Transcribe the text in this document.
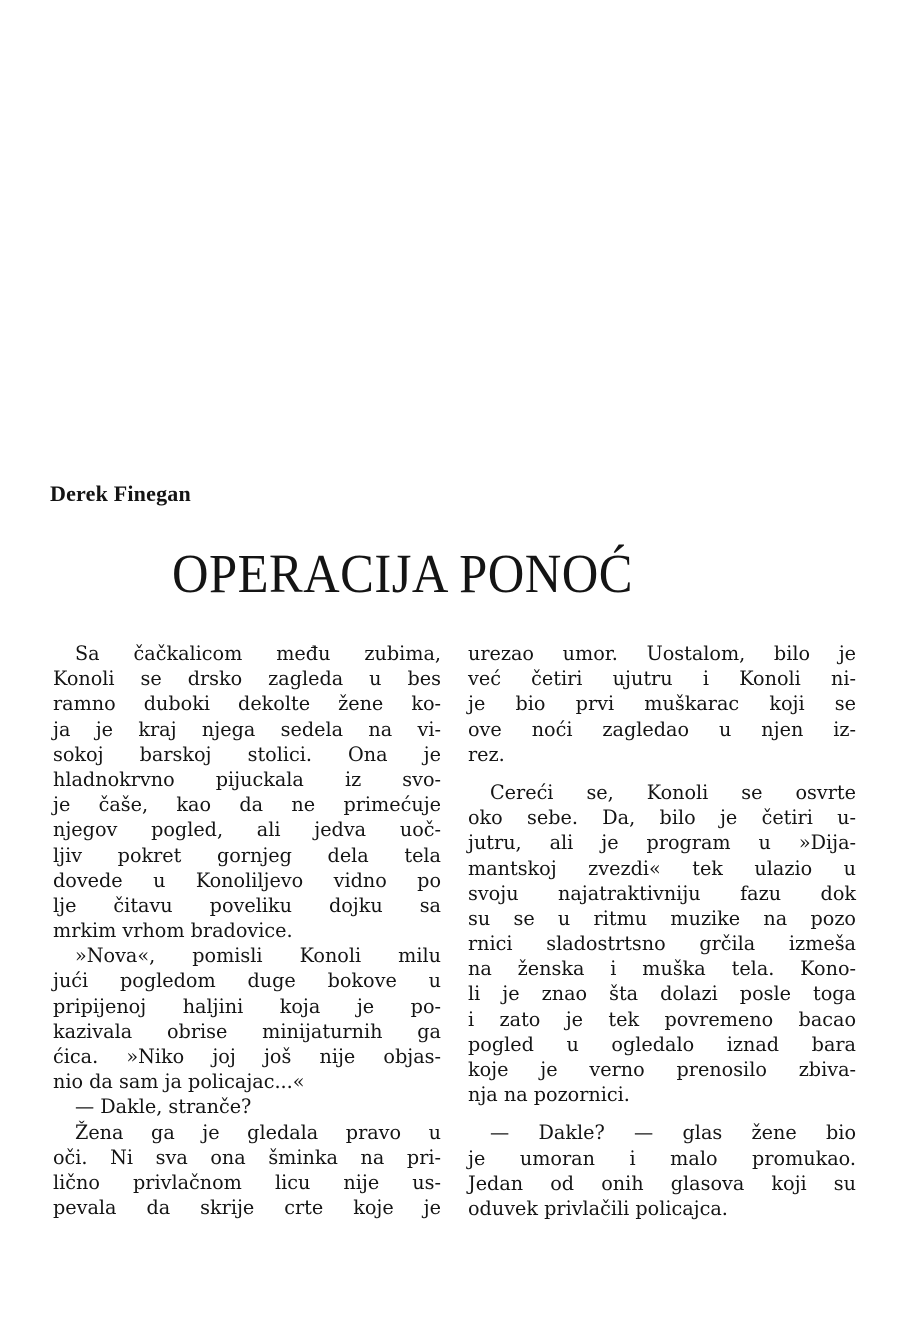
Derek Finegan
OPERACIJA PONOĆ
Sa čačkalicom među zubima,
Konoli se drsko zagleda u bes
ramno duboki dekolte žene ko-
ja je kraj njega sedela na vi-
sokoj barskoj stolici. Ona je
hladnokrvno pijuckala iz svo-
je čaše, kao da ne primećuje
njegov pogled, ali jedva uoč-
ljiv pokret gornjeg dela tela
dovede u Konoliljevo vidno po
lje čitavu poveliku dojku sa
mrkim vrhom bradovice.
»Nova«, pomisli Konoli milu
jući pogledom duge bokove u
pripijenoj haljini koja je po-
kazivala obrise minijaturnih ga
ćica. »Niko joj još nije objas-
nio da sam ja policajac...«
— Dakle, strančе?
Žena ga je gledala pravo u
oči. Ni sva ona šminka na pri-
lično privlačnom licu nije us-
pevala da skrije crte koje je
urezao umor. Uostalom, bilo je
već četiri ujutru i Konoli ni-
je bio prvi muškarac koji se
ove noći zagledao u njen iz-
rez.
Cereći se, Konoli se osvrte
oko sebe. Da, bilo je četiri u-
jutru, ali je program u »Dija-
mantskoj zvezdi« tek ulazio u
svoju najatraktivniju fazu dok
su se u ritmu muzike na pozo
rnici sladostrtsno grčila izmeša
na ženska i muška tela. Kono-
li je znao šta dolazi posle toga
i zato je tek povremeno bacao
pogled u ogledalo iznad bara
koje je verno prenosilo zbiva-
nja na pozornici.
— Dakle? — glas žene bio
je umoran i malo promukao.
Jedan od onih glasova koji su
oduvek privlačili policajca.
